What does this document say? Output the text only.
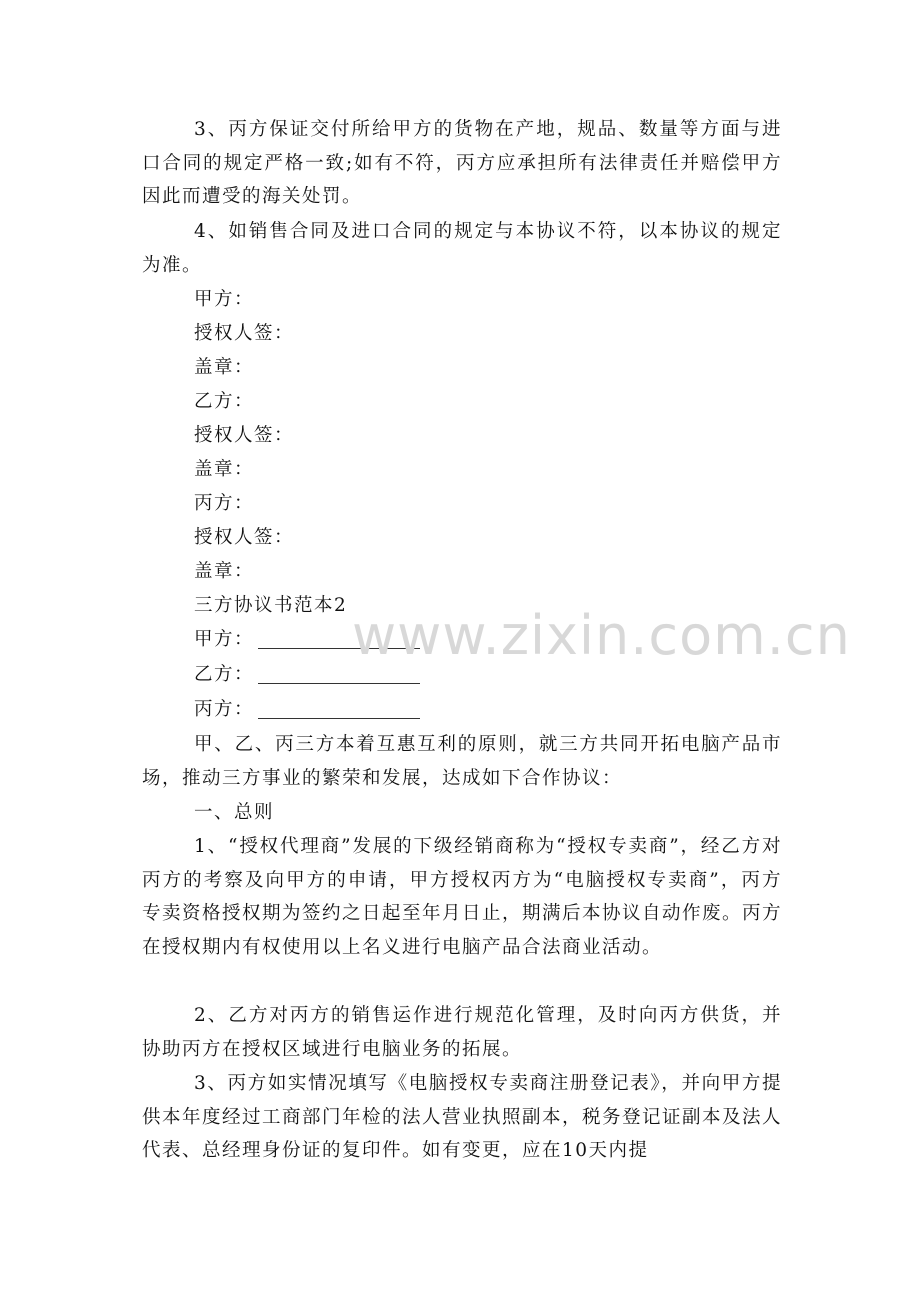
3、丙方保证交付所给甲方的货物在产地，规品、数量等方面与进口合同的规定严格一致;如有不符，丙方应承担所有法律责任并赔偿甲方因此而遭受的海关处罚。

4、如销售合同及进口合同的规定与本协议不符，以本协议的规定为准。

甲方：

授权人签：

盖章：

乙方：

授权人签：

盖章：

丙方：

授权人签：

盖章：

三方协议书范本2

甲方：

乙方：

丙方：

甲、乙、丙三方本着互惠互利的原则，就三方共同开拓电脑产品市场，推动三方事业的繁荣和发展，达成如下合作协议：

一、总则

1、“授权代理商”发展的下级经销商称为“授权专卖商”，经乙方对丙方的考察及向甲方的申请，甲方授权丙方为“电脑授权专卖商”，丙方专卖资格授权期为签约之日起至年月日止，期满后本协议自动作废。丙方在授权期内有权使用以上名义进行电脑产品合法商业活动。

2、乙方对丙方的销售运作进行规范化管理，及时向丙方供货，并协助丙方在授权区域进行电脑业务的拓展。

3、丙方如实情况填写《电脑授权专卖商注册登记表》，并向甲方提供本年度经过工商部门年检的法人营业执照副本，税务登记证副本及法人代表、总经理身份证的复印件。如有变更，应在10天内提

www.zixin.com.cn
